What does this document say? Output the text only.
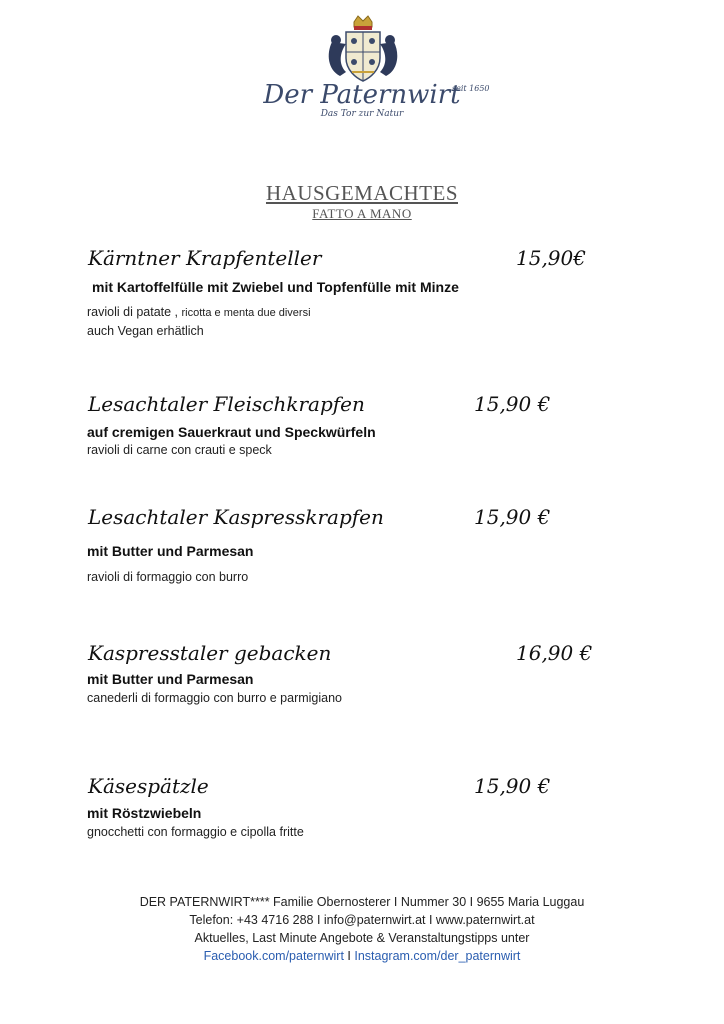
Der Paternwirt
seit 1650
Das Tor zur Natur
HAUSGEMACHTES
FATTO A MANO
Kärntner Krapfenteller	15,90€
mit Kartoffelfülle mit Zwiebel und Topfenfülle mit Minze
ravioli di patate , ricotta e menta due diversi
auch Vegan erhätlich
Lesachtaler Fleischkrapfen	15,90 €
auf cremigen Sauerkraut und Speckwürfeln
ravioli di carne con crauti e speck
Lesachtaler Kaspresskrapfen	15,90 €
mit Butter und Parmesan
ravioli di formaggio con burro
Kaspresstaler gebacken	16,90 €
mit Butter und Parmesan
canederli di formaggio con burro e parmigiano
Käsespätzle	15,90 €
mit Röstzwiebeln
gnocchetti con formaggio e cipolla fritte
DER PATERNWIRT**** Familie Obernosterer I Nummer 30 I 9655 Maria Luggau
Telefon: +43 4716 288 I info@paternwirt.at I www.paternwirt.at
Aktuelles, Last Minute Angebote & Veranstaltungstipps unter
Facebook.com/paternwirt I Instagram.com/der_paternwirt
